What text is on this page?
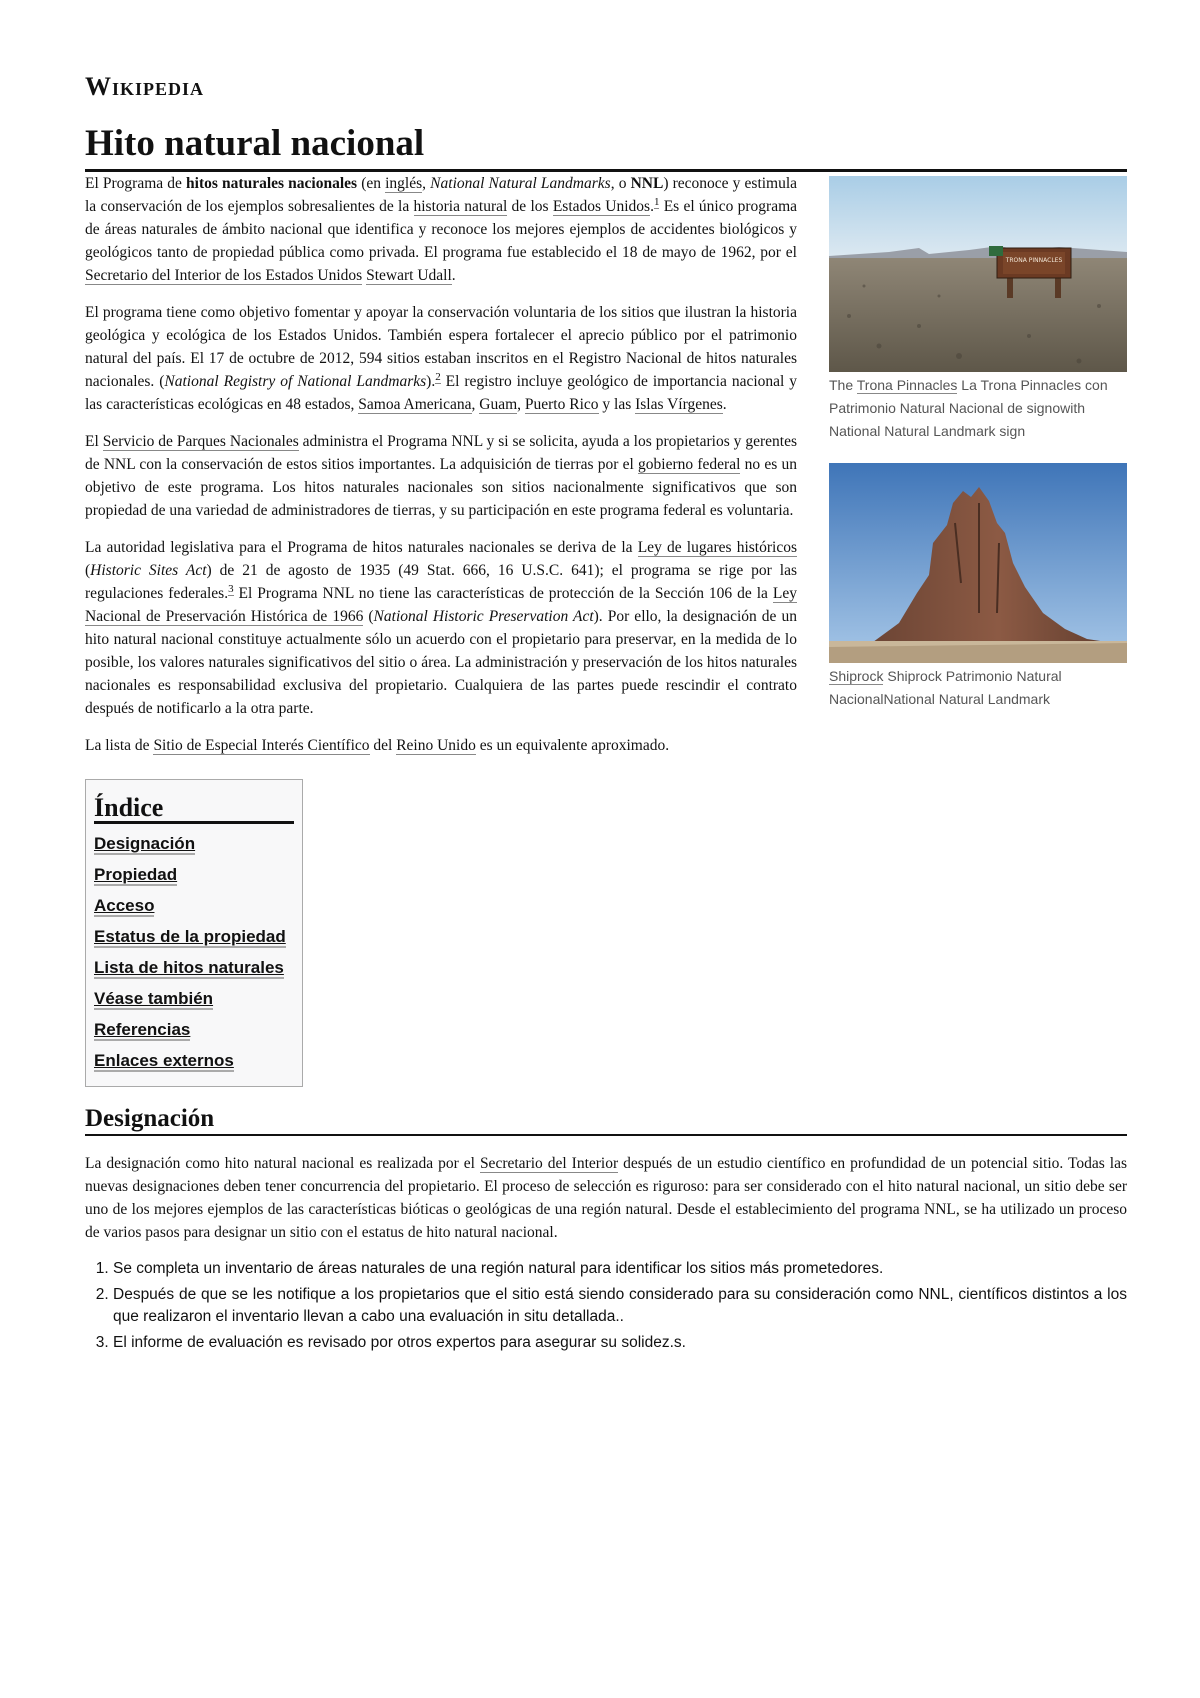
Wikipedia
Hito natural nacional
TRONA PINNACLES
The Trona Pinnacles La Trona Pinnacles con Patrimonio Natural Nacional de signowith National Natural Landmark sign
Shiprock Shiprock Patrimonio Natural NacionalNational Natural Landmark

El Programa de hitos naturales nacionales (en inglés, National Natural Landmarks, o NNL) reconoce y estimula la conservación de los ejemplos sobresalientes de la historia natural de los Estados Unidos.$^1$ Es el único programa de áreas naturales de ámbito nacional que identifica y reconoce los mejores ejemplos de accidentes biológicos y geológicos tanto de propiedad pública como privada. El programa fue establecido el 18 de mayo de 1962, por el Secretario del Interior de los Estados Unidos Stewart Udall.

El programa tiene como objetivo fomentar y apoyar la conservación voluntaria de los sitios que ilustran la historia geológica y ecológica de los Estados Unidos. También espera fortalecer el aprecio público por el patrimonio natural del país. El 17 de octubre de 2012, 594 sitios estaban inscritos en el Registro Nacional de hitos naturales nacionales. (National Registry of National Landmarks).$^2$ El registro incluye geológico de importancia nacional y las características ecológicas en 48 estados, Samoa Americana, Guam, Puerto Rico y las Islas Vírgenes.

El Servicio de Parques Nacionales administra el Programa NNL y si se solicita, ayuda a los propietarios y gerentes de NNL con la conservación de estos sitios importantes. La adquisición de tierras por el gobierno federal no es un objetivo de este programa. Los hitos naturales nacionales son sitios nacionalmente significativos que son propiedad de una variedad de administradores de tierras, y su participación en este programa federal es voluntaria.

La autoridad legislativa para el Programa de hitos naturales nacionales se deriva de la Ley de lugares históricos (Historic Sites Act) de 21 de agosto de 1935 (49 Stat. 666, 16 U.S.C. 641); el programa se rige por las regulaciones federales.$^3$ El Programa NNL no tiene las características de protección de la Sección 106 de la Ley Nacional de Preservación Histórica de 1966 (National Historic Preservation Act). Por ello, la designación de un hito natural nacional constituye actualmente sólo un acuerdo con el propietario para preservar, en la medida de lo posible, los valores naturales significativos del sitio o área. La administración y preservación de los hitos naturales nacionales es responsabilidad exclusiva del propietario. Cualquiera de las partes puede rescindir el contrato después de notificarlo a la otra parte.

La lista de Sitio de Especial Interés Científico del Reino Unido es un equivalente aproximado.

Índice
Designación
Propiedad
Acceso
Estatus de la propiedad
Lista de hitos naturales
Véase también
Referencias
Enlaces externos
Designación

La designación como hito natural nacional es realizada por el Secretario del Interior después de un estudio científico en profundidad de un potencial sitio. Todas las nuevas designaciones deben tener concurrencia del propietario. El proceso de selección es riguroso: para ser considerado con el hito natural nacional, un sitio debe ser uno de los mejores ejemplos de las características bióticas o geológicas de una región natural. Desde el establecimiento del programa NNL, se ha utilizado un proceso de varios pasos para designar un sitio con el estatus de hito natural nacional.

1. Se completa un inventario de áreas naturales de una región natural para identificar los sitios más prometedores.
2. Después de que se les notifique a los propietarios que el sitio está siendo considerado para su consideración como NNL, científicos distintos a los que realizaron el inventario llevan a cabo una evaluación in situ detallada..
3. El informe de evaluación es revisado por otros expertos para asegurar su solidez.s.
